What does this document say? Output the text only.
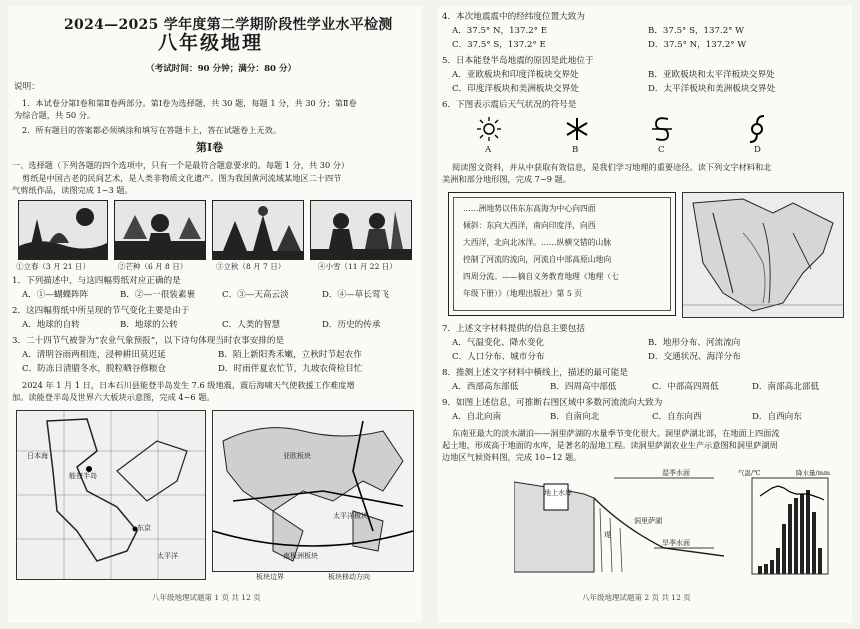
2024—2025 学年度第二学期阶段性学业水平检测
八年级地理
（考试时间：90 分钟；满分：80 分）
说明：
1．本试卷分第Ⅰ卷和第Ⅱ卷两部分。第Ⅰ卷为选择题，共 30 题，每题 1 分，共 30 分；第Ⅱ卷
为综合题，共 50 分。
2．所有题目的答案都必须填涂和填写在答题卡上，答在试题卷上无效。
第Ⅰ卷
一、选择题（下列各题的四个选项中，只有一个是最符合题意要求的。每题 1 分，共 30 分）
剪纸是中国古老的民间艺术，是人类非物质文化遗产。图为我国黄河流域某地区二十四节
气剪纸作品，读图完成 1~3 题。
①立春（3 月 21 日）	②芒种（6 月 8 日）	③立秋（8 月 7 日）	④小雪（11 月 22 日）
1．下列描述中，与这四幅剪纸对应正确的是
A．①—蝴蝶阵阵	B．②—一很装素裹	C．③—天高云淡	D．④—草长莺飞
2．这四幅剪纸中所呈现的节气变化主要是由于
A．地球的自转	B．地球的公转	C．人类的智慧	D．历史的传承
3．二十四节气被誉为“农业气象预报”，以下诗句体现当时农事安排的是
A．清明谷雨两相连，浸种耕田莫迟延	B．陌上新阳秀禾嫩，立秋时节起农作
C．防冻日清腊冬水，脱粒晒谷修粮仓	D．时雨伴夏农忙节，九坡农倚检目忙
2024 年 1 月 1 日，日本石川县能登半岛发生 7.6 级地震，震后海啸天气使救援工作难度增
加。读能登半岛及世界六大板块示意图，完成 4~6 题。
能登半岛
东京
日本海
太平洋
亚欧板块
太平洋板块
南极洲板块
板块边界	板块移动方向
八年级地理试题第 1 页 共 12 页
4．本次地震震中的经纬度位置大致为
A．37.5° N，137.2° E	B．37.5° S，137.2° W
C．37.5° S，137.2° E	D．37.5° N，137.2° W
5．日本能登半岛地震的原因是此地位于
A．亚欧板块和印度洋板块交界处	B．亚欧板块和太平洋板块交界处
C．印度洋板块和美洲板块交界处	D．太平洋板块和美洲板块交界处
6．下图表示震后天气状况的符号是
A	B	C	D
阅读图文资料，并从中获取有效信息，是我们学习地理的重要途径。读下列文字材料和北
美洲和部分地形图，完成 7~9 题。
……洲地势以伟东东高海为中心向四面
倾斜：东向大西洋，南向印度洋，向西
大西洋，北向北冰洋。……纵横交错的山脉
控制了河流的流向，河流自中部高原山地向
四周分流。——摘自义务教育地理《地理（七
年级下册）》（地理出版社）第 5 页
7．上述文字材料提供的信息主要包括
A．气温变化、降水变化	B．地形分布、河流流向
C．人口分布、城市分布	D．交通状况、海洋分布
8．推测上述文字材料中横线上，描述的最可能是
A．西部高东部低	B．四周高中部低	C．中部高四周低	D．南部高北部低
9．如图上述信息，可推断右图区域中多数河流流向大致为
A．自北向南	B．自南向北	C．自东向西	D．自西向东
东南亚最大的淡水湖泊——洞里萨湖的水量季节变化很大。洞里萨湖北部，在地面上四面流
起土地，形成高于地面的水库，是著名的湿地工程。读洞里萨湖农业生产示意图和洞里萨湖周
边地区气候资料图，完成 10~12 题。
湿季水面
地上水库
洞里萨湖
旱季水面
堤
气温/℃	降水量/mm
八年级地理试题第 2 页 共 12 页
